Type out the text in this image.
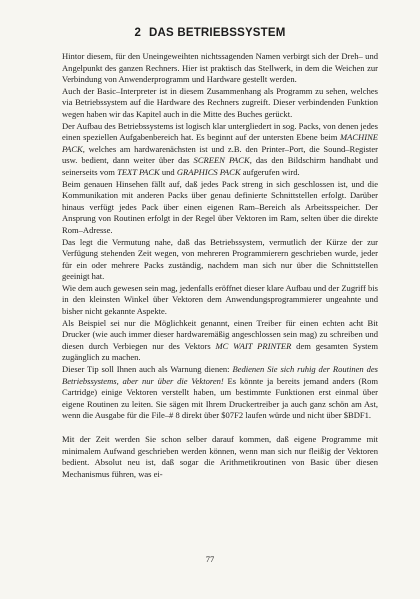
2 DAS BETRIEBSSYSTEM

Hintor diesem, für den Uneingeweihten nichtssagenden Namen verbirgt sich der Dreh– und Angelpunkt des ganzen Rechners. Hier ist praktisch das Stellwerk, in dem die Weichen zur Verbindung von Anwenderprogramm und Hardware gestellt werden.

Auch der Basic–Interpreter ist in diesem Zusammenhang als Programm zu sehen, welches via Betriebssystem auf die Hardware des Rechners zugreift. Dieser verbindenden Funktion wegen haben wir das Kapitel auch in die Mitte des Buches gerückt.

Der Aufbau des Betriebssystems ist logisch klar untergliedert in sog. Packs, von denen jedes einen speziellen Aufgabenbereich hat. Es beginnt auf der untersten Ebene beim MACHINE PACK, welches am hardwarenächsten ist und z.B. den Printer–Port, die Sound–Register usw. bedient, dann weiter über das SCREEN PACK, das den Bildschirm handhabt und seinerseits vom TEXT PACK und GRAPHICS PACK aufgerufen wird.

Beim genauen Hinsehen fällt auf, daß jedes Pack streng in sich geschlossen ist, und die Kommunikation mit anderen Packs über genau definierte Schnittstellen erfolgt. Darüber hinaus verfügt jedes Pack über einen eigenen Ram–Bereich als Arbeitsspeicher. Der Ansprung von Routinen erfolgt in der Regel über Vektoren im Ram, selten über die direkte Rom–Adresse.

Das legt die Vermutung nahe, daß das Betriebssystem, vermutlich der Kürze der zur Verfügung stehenden Zeit wegen, von mehreren Programmierern geschrieben wurde, jeder für ein oder mehrere Packs zuständig, nachdem man sich nur über die Schnittstellen geeinigt hat.

Wie dem auch gewesen sein mag, jedenfalls eröffnet dieser klare Aufbau und der Zugriff bis in den kleinsten Winkel über Vektoren dem Anwendungsprogrammierer ungeahnte und bisher nicht gekannte Aspekte.

Als Beispiel sei nur die Möglichkeit genannt, einen Treiber für einen echten acht Bit Drucker (wie auch immer dieser hardwaremäßig angeschlossen sein mag) zu schreiben und diesen durch Verbiegen nur des Vektors MC WAIT PRINTER dem gesamten System zugänglich zu machen.

Dieser Tip soll Ihnen auch als Warnung dienen: Bedienen Sie sich ruhig der Routinen des Betriebssystems, aber nur über die Vektoren! Es könnte ja bereits jemand anders (Rom Cartridge) einige Vektoren verstellt haben, um bestimmte Funktionen erst einmal über eigene Routinen zu leiten. Sie sägen mit Ihrem Druckertreiber ja auch ganz schön am Ast, wenn die Ausgabe für die File–# 8 direkt über $07F2 laufen würde und nicht über $BDF1.

Mit der Zeit werden Sie schon selber darauf kommen, daß eigene Programme mit minimalem Aufwand geschrieben werden können, wenn man sich nur fleißig der Vektoren bedient. Absolut neu ist, daß sogar die Arithmetikroutinen von Basic über diesen Mechanismus führen, was ei-

77
